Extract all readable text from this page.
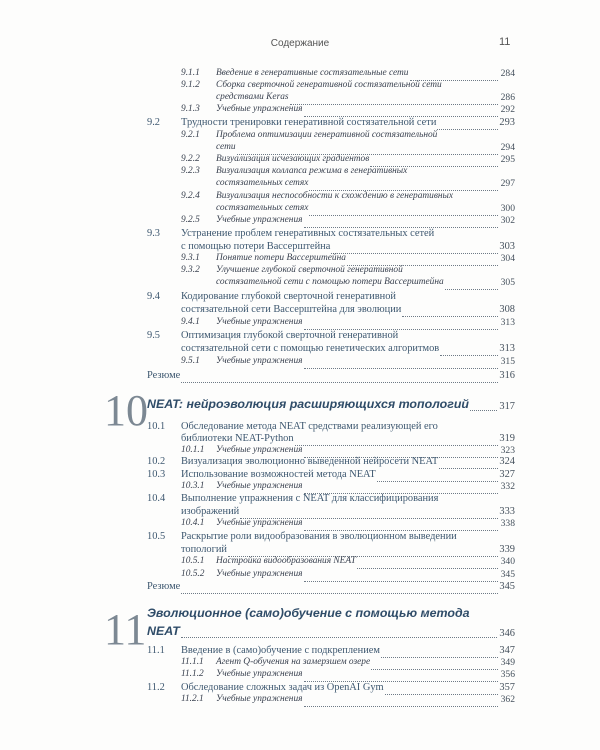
Содержание	11
9.1.1 Введение в генеративные состязательные сети	284
9.1.2 Сборка сверточной генеративной состязательной сети
средствами Keras	286
9.1.3 Учебные упражнения	292
9.2 Трудности тренировки генеративной состязательной сети	293
9.2.1 Проблема оптимизации генеративной состязательной
сети	294
9.2.2 Визуализация исчезающих градиентов	295
9.2.3 Визуализация коллапса режима в генеративных
состязательных сетях	297
9.2.4 Визуализация неспособности к схождению в генеративных
состязательных сетях	300
9.2.5 Учебные упражнения	302
9.3 Устранение проблем генеративных состязательных сетей
с помощью потери Вассерштейна	303
9.3.1 Понятие потери Вассерштейна	304
9.3.2 Улучшение глубокой сверточной генеративной
состязательной сети с помощью потери Вассерштейна	305
9.4 Кодирование глубокой сверточной генеративной
состязательной сети Вассерштейна для эволюции	308
9.4.1 Учебные упражнения	313
9.5 Оптимизация глубокой сверточной генеративной
состязательной сети с помощью генетических алгоритмов	313
9.5.1 Учебные упражнения	315
Резюме	316
10 NEAT: нейроэволюция расширяющихся топологий	317
10.1 Обследование метода NEAT средствами реализующей его
библиотеки NEAT-Python	319
10.1.1 Учебные упражнения	323
10.2 Визуализация эволюционно выведенной нейросети NEAT	324
10.3 Использование возможностей метода NEAT	327
10.3.1 Учебные упражнения	332
10.4 Выполнение упражнения с NEAT для классифицирования
изображений	333
10.4.1 Учебные упражнения	338
10.5 Раскрытие роли видообразования в эволюционном выведении
топологий	339
10.5.1 Настройка видообразования NEAT	340
10.5.2 Учебные упражнения	345
Резюме	345
11 Эволюционное (само)обучение с помощью метода
NEAT	346
11.1 Введение в (само)обучение с подкреплением	347
11.1.1 Агент Q-обучения на замерзшем озере	349
11.1.2 Учебные упражнения	356
11.2 Обследование сложных задач из OpenAI Gym	357
11.2.1 Учебные упражнения	362
